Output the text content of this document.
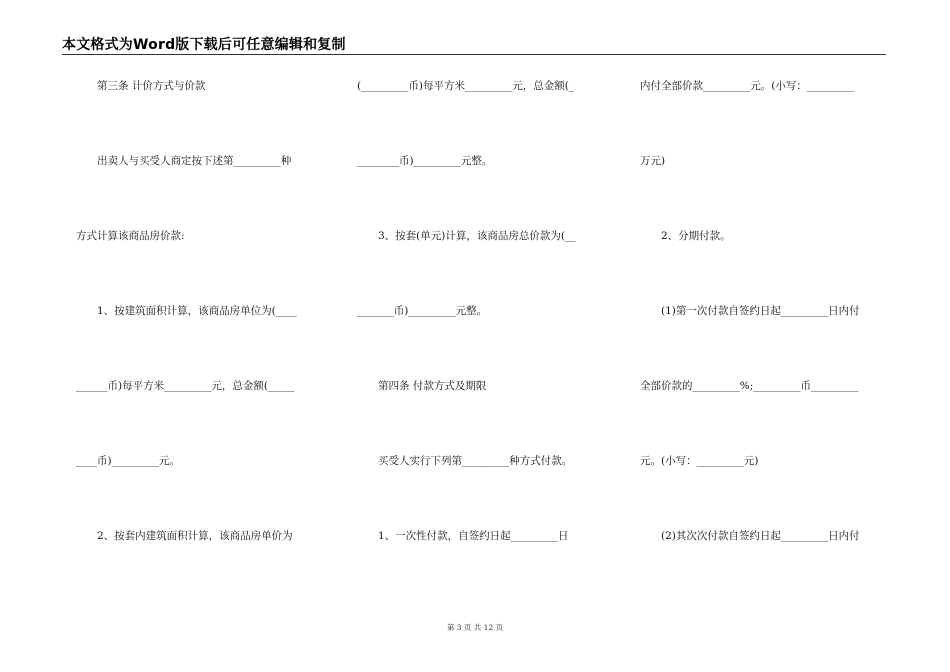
本文格式为Word版下载后可任意编辑和复制
　　第三条 计价方式与价款
　　出卖人与买受人商定按下述第_________种
方式计算该商品房价款:
　　1、按建筑面积计算，该商品房单位为(____
______币)每平方米_________元，总金额(_____
____币)_________元。
　　2、按套内建筑面积计算，该商品房单价为
(_________币)每平方米_________元，总金额(_
________币)_________元整。
　　3、按套(单元)计算，该商品房总价款为(__
_______币)_________元整。
　　第四条 付款方式及期限
　　买受人实行下列第_________种方式付款。
　　1、一次性付款，自签约日起_________日
内付全部价款_________元。(小写：_________
万元)
　　2、分期付款。
　　(1)第一次付款自签约日起_________日内付
全部价款的_________%;_________币_________
元。(小写：_________元)
　　(2)其次次付款自签约日起_________日内付
第 3 页 共 12 页
